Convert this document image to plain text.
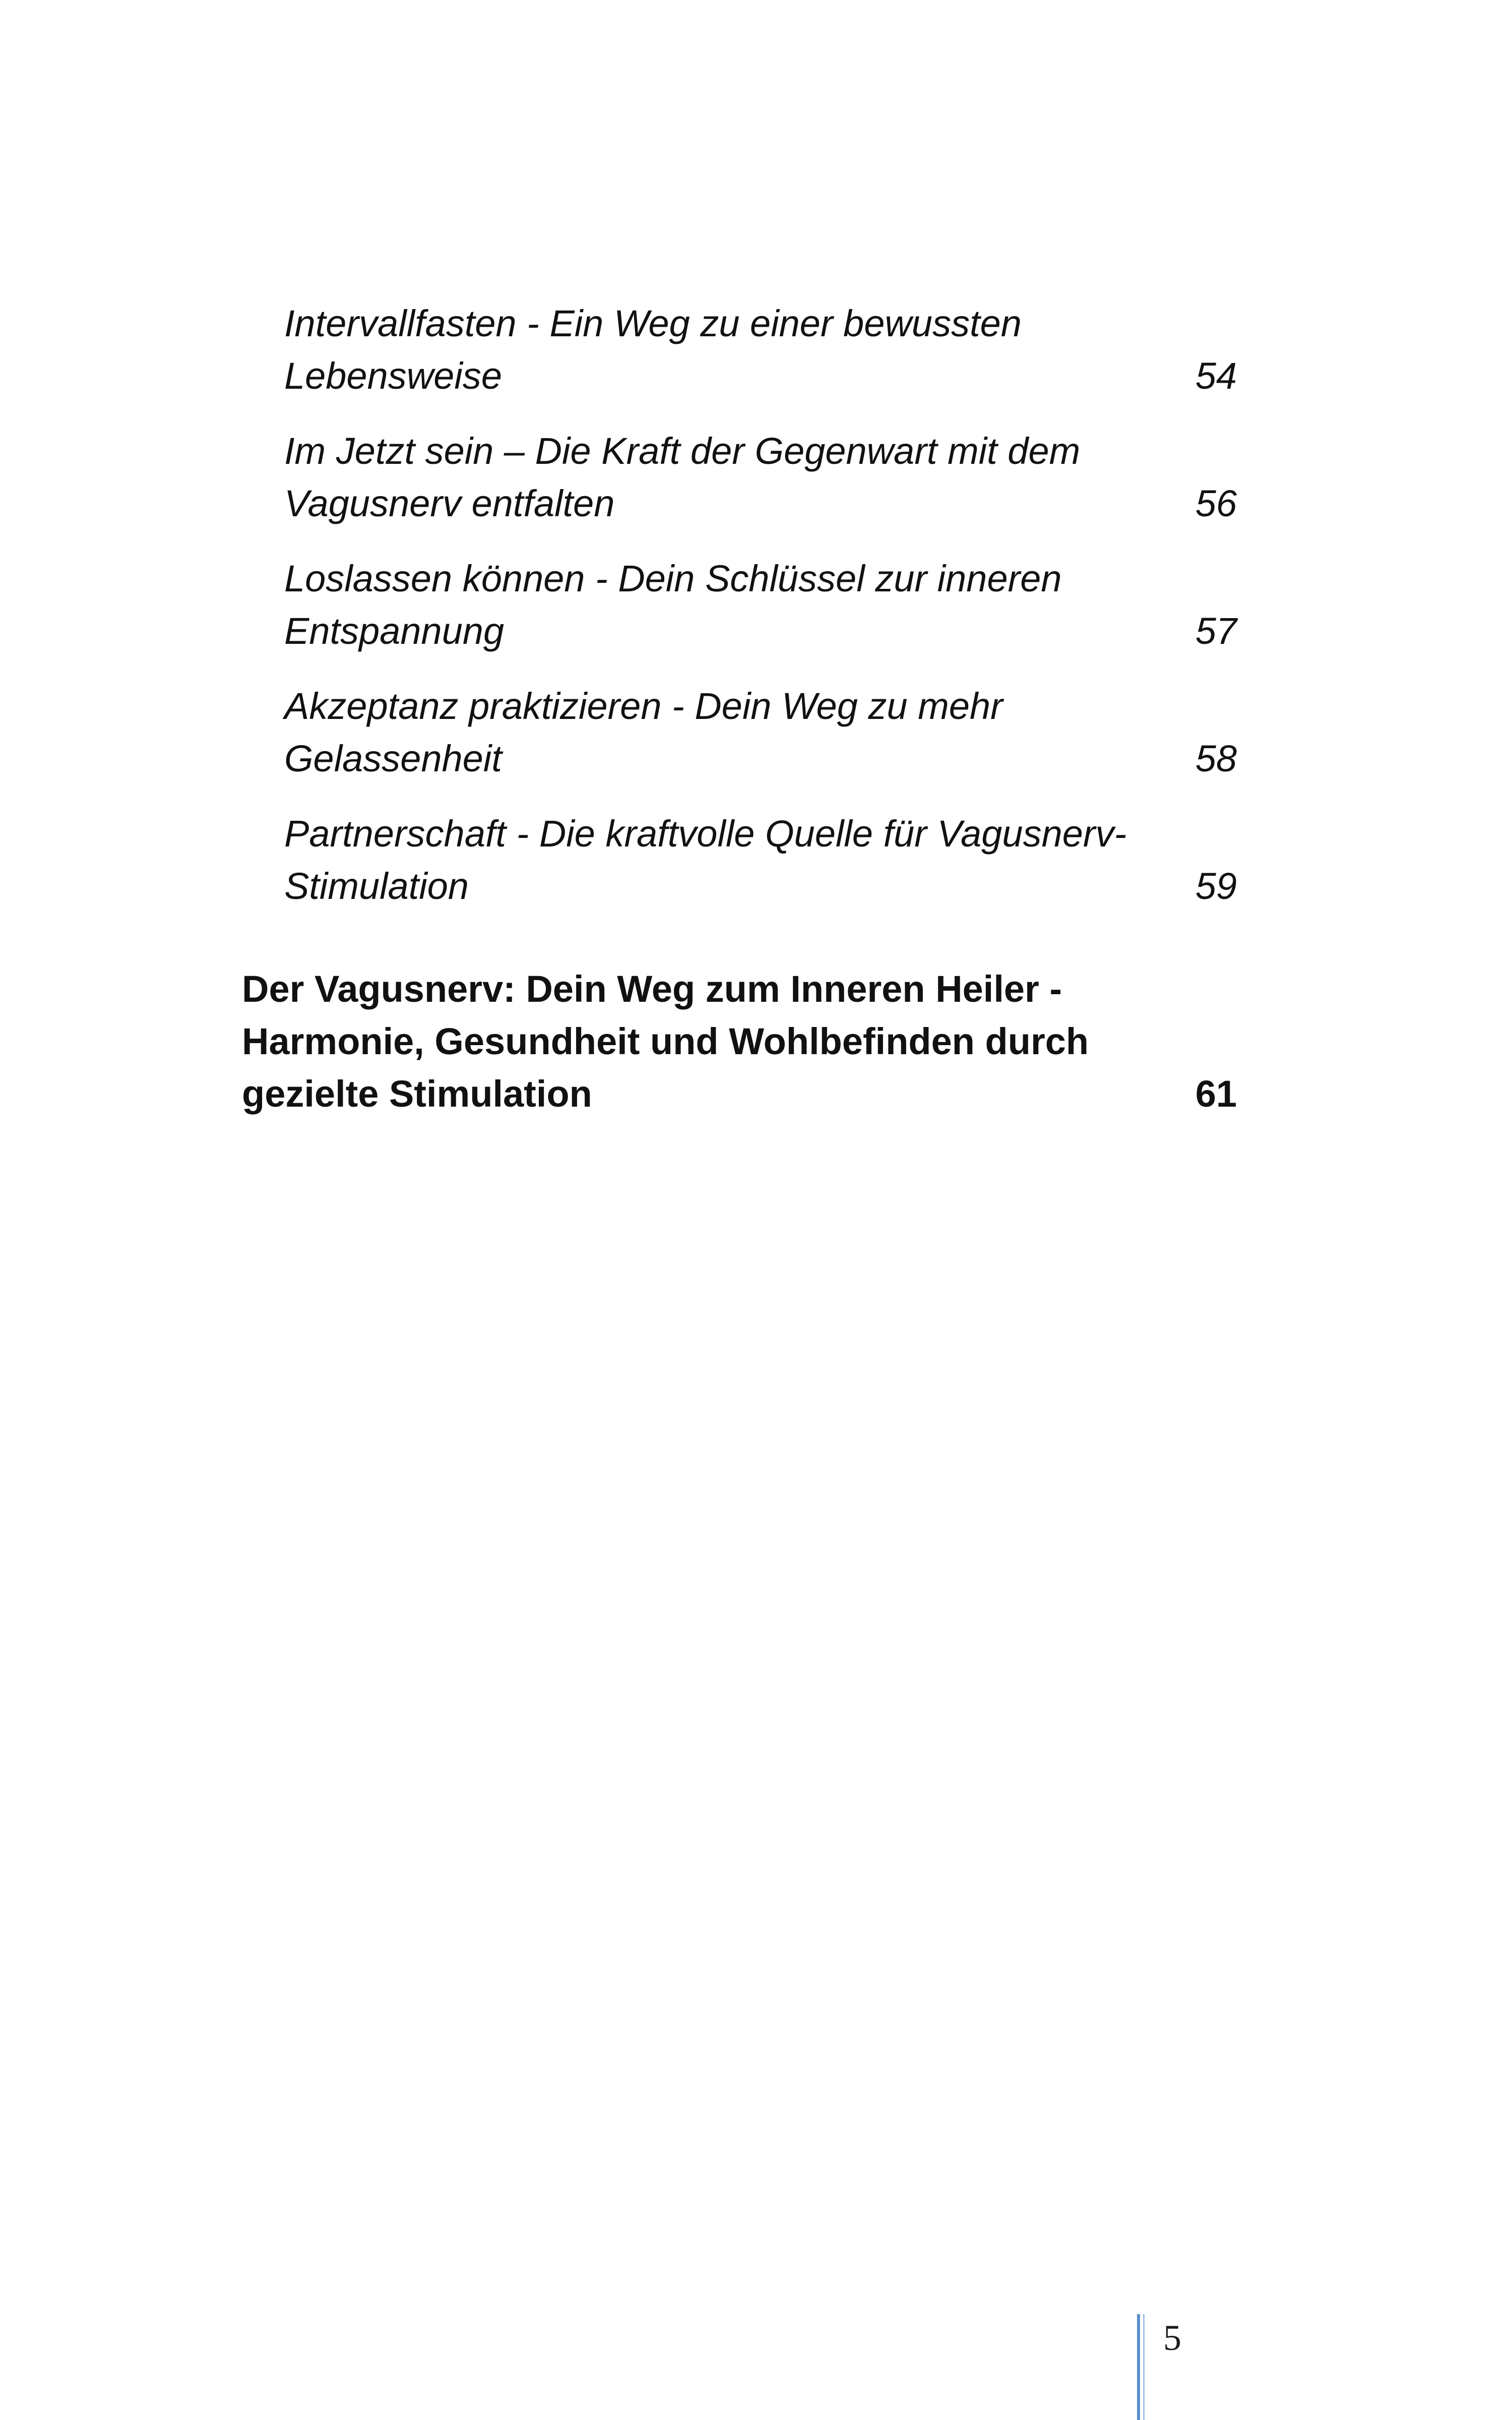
Intervallfasten - Ein Weg zu einer bewussten
Lebensweise	54
Im Jetzt sein – Die Kraft der Gegenwart mit dem
Vagusnerv entfalten	56
Loslassen können - Dein Schlüssel zur inneren
Entspannung	57
Akzeptanz praktizieren - Dein Weg zu mehr
Gelassenheit	58
Partnerschaft - Die kraftvolle Quelle für Vagusnerv-
Stimulation	59
Der Vagusnerv: Dein Weg zum Inneren Heiler -
Harmonie, Gesundheit und Wohlbefinden durch
gezielte Stimulation	61
5
